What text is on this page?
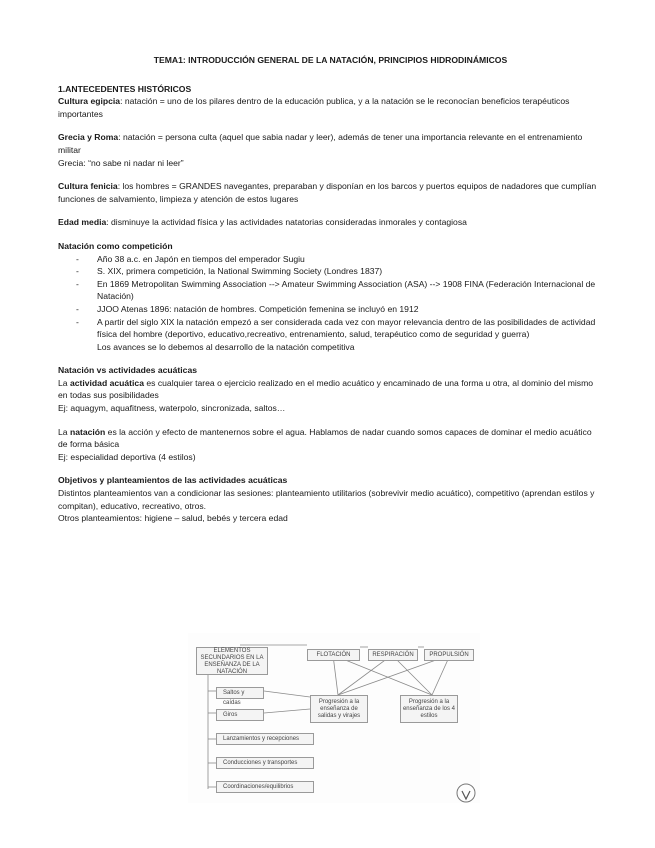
TEMA1: INTRODUCCIÓN GENERAL DE LA NATACIÓN, PRINCIPIOS HIDRODINÁMICOS

1.ANTECEDENTES HISTÓRICOS

Cultura egipcia: natación = uno de los pilares dentro de la educación publica, y a la natación se le reconocían beneficios terapéuticos importantes

Grecia y Roma: natación = persona culta (aquel que sabia nadar y leer), además de tener una importancia relevante en el entrenamiento militar

Grecia: “no sabe ni nadar ni leer”

Cultura fenicia: los hombres = GRANDES navegantes, preparaban y disponían en los barcos y puertos equipos de nadadores que cumplían funciones de salvamiento, limpieza y atención de estos lugares

Edad media: disminuye la actividad física y las actividades natatorias consideradas inmorales y contagiosa

Natación como competición

- Año 38 a.c. en Japón en tiempos del emperador Sugiu
- S. XIX, primera competición, la National Swimming Society (Londres 1837)
- En 1869 Metropolitan Swimming Association --> Amateur Swimming Association (ASA) --> 1908 FINA (Federación Internacional de Natación)
- JJOO Atenas 1896: natación de hombres. Competición femenina se incluyó en 1912
- A partir del siglo XIX la natación empezó a ser considerada cada vez con mayor relevancia dentro de las posibilidades de actividad física del hombre (deportivo, educativo,recreativo, entrenamiento, salud, terapéutico como de seguridad y guerra)

Los avances se lo debemos al desarrollo de la natación competitiva

Natación vs actividades acuáticas

La actividad acuática es cualquier tarea o ejercicio realizado en el medio acuático y encaminado de una forma u otra, al dominio del mismo en todas sus posibilidades

Ej: aquagym, aquafitness, waterpolo, sincronizada, saltos…

La natación es la acción y efecto de mantenernos sobre el agua. Hablamos de nadar cuando somos capaces de dominar el medio acuático de forma básica

Ej: especialidad deportiva (4 estilos)

Objetivos y planteamientos de las actividades acuáticas

Distintos planteamientos van a condicionar las sesiones: planteamiento utilitarios (sobrevivir medio acuático), competitivo (aprendan estilos y compitan), educativo, recreativo, otros.

Otros planteamientos: higiene – salud, bebés y tercera edad

ELEMENTOS SECUNDARIOS EN LA ENSEÑANZA DE LA NATACIÓN
FLOTACIÓN	RESPIRACIÓN	PROPULSIÓN
Saltos y caídas
Giros
Lanzamientos y recepciones
Conducciones y transportes
Coordinaciones/equilibrios
Progresión a la enseñanza de salidas y virajes
Progresión a la enseñanza de los 4 estilos
